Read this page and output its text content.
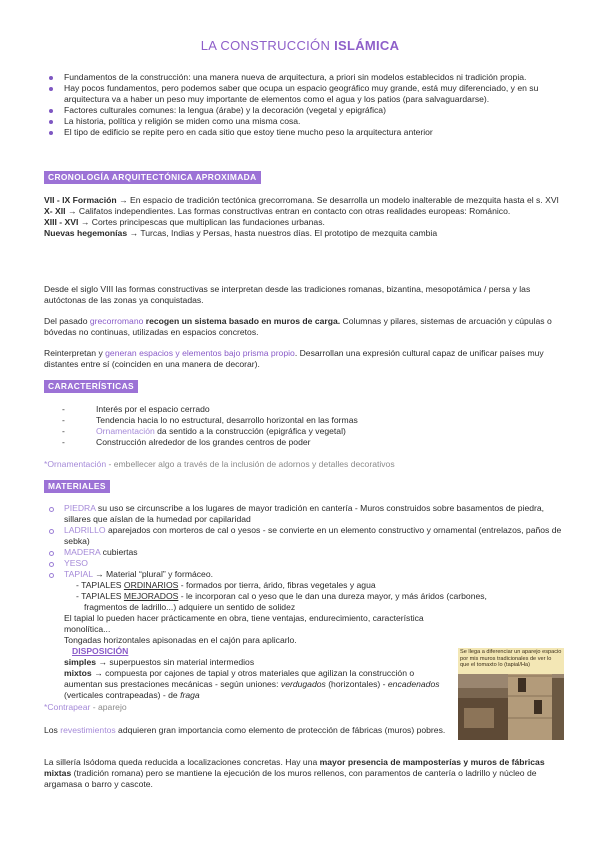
LA CONSTRUCCIÓN ISLÁMICA
Fundamentos de la construcción: una manera nueva de arquitectura, a priori sin modelos establecidos ni tradición propia.
Hay pocos fundamentos, pero podemos saber que ocupa un espacio geográfico muy grande, está muy diferenciado, y en su arquitectura va a haber un peso muy importante de elementos como el agua y los patios (para salvaguardarse).
Factores culturales comunes: la lengua (árabe) y la decoración (vegetal y epigráfica)
La historia, política y religión se miden como una misma cosa.
El tipo de edificio se repite pero en cada sitio que estoy tiene mucho peso la arquitectura anterior
CRONOLOGÍA ARQUITECTÓNICA APROXIMADA

VII - IX Formación → En espacio de tradición tectónica grecorromana. Se desarrolla un modelo inalterable de mezquita hasta el s. XVI

X- XII → Califatos independientes. Las formas constructivas entran en contacto con otras realidades europeas: Románico.

XIII - XVI → Cortes principescas que multiplican las fundaciones urbanas.

Nuevas hegemonías → Turcas, Indias y Persas, hasta nuestros días. El prototipo de mezquita cambia

Desde el siglo VIII las formas constructivas se interpretan desde las tradiciones romanas, bizantina, mesopotámica / persa y las autóctonas de las zonas ya conquistadas.

Del pasado grecorromano recogen un sistema basado en muros de carga. Columnas y pilares, sistemas de arcuación y cúpulas o bóvedas no continuas, utilizadas en espacios concretos.

Reinterpretan y generan espacios y elementos bajo prisma propio. Desarrollan una expresión cultural capaz de unificar países muy distantes entre sí (coinciden en una manera de decorar).

CARACTERÍSTICAS
- Interés por el espacio cerrado
- Tendencia hacia lo no estructural, desarrollo horizontal en las formas
- Ornamentación da sentido a la construcción (epigráfica y vegetal)
- Construcción alrededor de los grandes centros de poder

*Ornamentación - embellecer algo a través de la inclusión de adornos y detalles decorativos

MATERIALES
PIEDRA su uso se circunscribe a los lugares de mayor tradición en cantería - Muros construidos sobre basamentos de piedra, sillares que aíslan de la humedad por capilaridad
LADRILLO aparejados con morteros de cal o yesos - se convierte en un elemento constructivo y ornamental (entrelazos, paños de sebka)
MADERA cubiertas
YESO
TAPIAL → Material “plural” y formáceo.

- TAPIALES ORDINARIOS - formados por tierra, árido, fibras vegetales y agua

- TAPIALES MEJORADOS - le incorporan cal o yeso que le dan una dureza mayor, y más áridos (carbones, fragmentos de ladrillo...) adquiere un sentido de solidez

El tapial lo pueden hacer prácticamente en obra, tiene ventajas, endurecimiento, característica monolítica...

Tongadas horizontales apisonadas en el cajón para aplicarlo.

DISPOSICIÓN

simples → superpuestos sin material intermedios

mixtos → compuesta por cajones de tapial y otros materiales que agilizan la construcción o aumentan sus prestaciones mecánicas - según uniones: verdugados (horizontales) - encadenados (verticales contrapeadas) - de fraga

*Contrapear - aparejo

Se llega a diferenciar un aparejo espacio por mis muros tradicionales de ver lo que el tomaxto lo (tapial/Ha)

Los revestimientos adquieren gran importancia como elemento de protección de fábricas (muros) pobres.

La sillería Isódoma queda reducida a localizaciones concretas. Hay una mayor presencia de mamposterías y muros de fábricas mixtas (tradición romana) pero se mantiene la ejecución de los muros rellenos, con paramentos de cantería o ladrillo y núcleo de argamasa o barro y cascote.
